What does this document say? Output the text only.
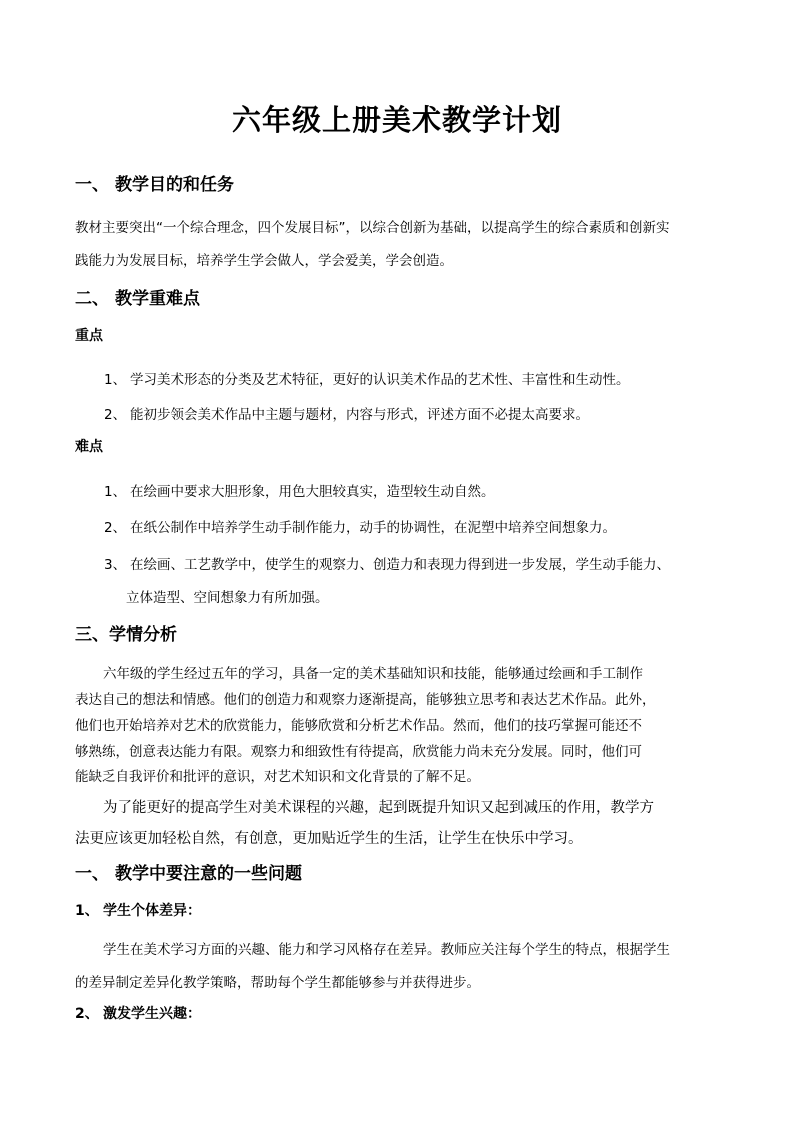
六年级上册美术教学计划
一、 教学目的和任务
教材主要突出“一个综合理念，四个发展目标”，以综合创新为基础，以提高学生的综合素质和创新实
践能力为发展目标，培养学生学会做人，学会爱美，学会创造。
二、 教学重难点
重点
1、 学习美术形态的分类及艺术特征，更好的认识美术作品的艺术性、丰富性和生动性。
2、 能初步领会美术作品中主题与题材，内容与形式，评述方面不必提太高要求。
难点
1、 在绘画中要求大胆形象，用色大胆较真实，造型较生动自然。
2、 在纸公制作中培养学生动手制作能力，动手的协调性，在泥塑中培养空间想象力。
3、 在绘画、工艺教学中，使学生的观察力、创造力和表现力得到进一步发展，学生动手能力、
立体造型、空间想象力有所加强。
三、学情分析
六年级的学生经过五年的学习，具备一定的美术基础知识和技能，能够通过绘画和手工制作
表达自己的想法和情感。他们的创造力和观察力逐渐提高，能够独立思考和表达艺术作品。此外，
他们也开始培养对艺术的欣赏能力，能够欣赏和分析艺术作品。然而，他们的技巧掌握可能还不
够熟练，创意表达能力有限。观察力和细致性有待提高，欣赏能力尚未充分发展。同时，他们可
能缺乏自我评价和批评的意识，对艺术知识和文化背景的了解不足。
为了能更好的提高学生对美术课程的兴趣，起到既提升知识又起到减压的作用，教学方
法更应该更加轻松自然，有创意，更加贴近学生的生活，让学生在快乐中学习。
一、 教学中要注意的一些问题
1、 学生个体差异：
学生在美术学习方面的兴趣、能力和学习风格存在差异。教师应关注每个学生的特点，根据学生
的差异制定差异化教学策略，帮助每个学生都能够参与并获得进步。
2、 激发学生兴趣：
